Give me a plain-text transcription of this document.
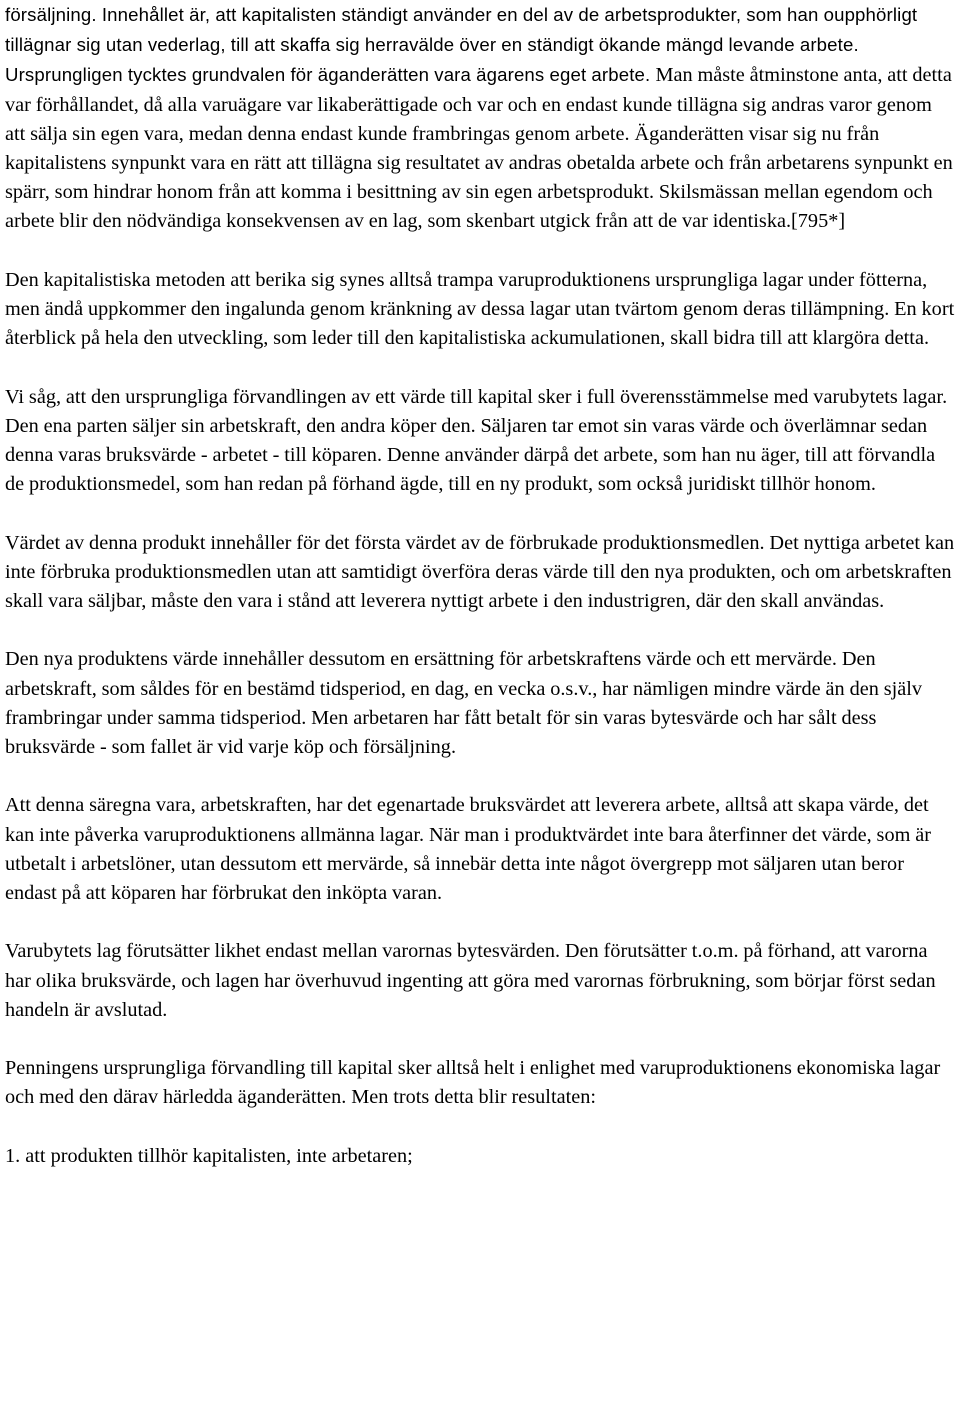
försäljning. Innehållet är, att kapitalisten ständigt använder en del av de arbetsprodukter, som han oupphörligt tillägnar sig utan vederlag, till att skaffa sig herravälde över en ständigt ökande mängd levande arbete. Ursprungligen tycktes grundvalen för äganderätten vara ägarens eget arbete. Man måste åtminstone anta, att detta var förhållandet, då alla varuägare var likaberättigade och var och en endast kunde tillägna sig andras varor genom att sälja sin egen vara, medan denna endast kunde frambringas genom arbete. Äganderätten visar sig nu från kapitalistens synpunkt vara en rätt att tillägna sig resultatet av andras obetalda arbete och från arbetarens synpunkt en spärr, som hindrar honom från att komma i besittning av sin egen arbetsprodukt. Skilsmässan mellan egendom och arbete blir den nödvändiga konsekvensen av en lag, som skenbart utgick från att de var identiska.[795*]

Den kapitalistiska metoden att berika sig synes alltså trampa varuproduktionens ursprungliga lagar under fötterna, men ändå uppkommer den ingalunda genom kränkning av dessa lagar utan tvärtom genom deras tillämpning. En kort återblick på hela den utveckling, som leder till den kapitalistiska ackumulationen, skall bidra till att klargöra detta.

Vi såg, att den ursprungliga förvandlingen av ett värde till kapital sker i full överensstämmelse med varubytets lagar. Den ena parten säljer sin arbetskraft, den andra köper den. Säljaren tar emot sin varas värde och överlämnar sedan denna varas bruksvärde - arbetet - till köparen. Denne använder därpå det arbete, som han nu äger, till att förvandla de produktionsmedel, som han redan på förhand ägde, till en ny produkt, som också juridiskt tillhör honom.

Värdet av denna produkt innehåller för det första värdet av de förbrukade produktionsmedlen. Det nyttiga arbetet kan inte förbruka produktionsmedlen utan att samtidigt överföra deras värde till den nya produkten, och om arbetskraften skall vara säljbar, måste den vara i stånd att leverera nyttigt arbete i den industrigren, där den skall användas.

Den nya produktens värde innehåller dessutom en ersättning för arbetskraftens värde och ett mervärde. Den arbetskraft, som såldes för en bestämd tidsperiod, en dag, en vecka o.s.v., har nämligen mindre värde än den själv frambringar under samma tidsperiod. Men arbetaren har fått betalt för sin varas bytesvärde och har sålt dess bruksvärde - som fallet är vid varje köp och försäljning.

Att denna säregna vara, arbetskraften, har det egenartade bruksvärdet att leverera arbete, alltså att skapa värde, det kan inte påverka varuproduktionens allmänna lagar. När man i produktvärdet inte bara återfinner det värde, som är utbetalt i arbetslöner, utan dessutom ett mervärde, så innebär detta inte något övergrepp mot säljaren utan beror endast på att köparen har förbrukat den inköpta varan.

Varubytets lag förutsätter likhet endast mellan varornas bytesvärden. Den förutsätter t.o.m. på förhand, att varorna har olika bruksvärde, och lagen har överhuvud ingenting att göra med varornas förbrukning, som börjar först sedan handeln är avslutad.

Penningens ursprungliga förvandling till kapital sker alltså helt i enlighet med varuproduktionens ekonomiska lagar och med den därav härledda äganderätten. Men trots detta blir resultaten:

1. att produkten tillhör kapitalisten, inte arbetaren;
